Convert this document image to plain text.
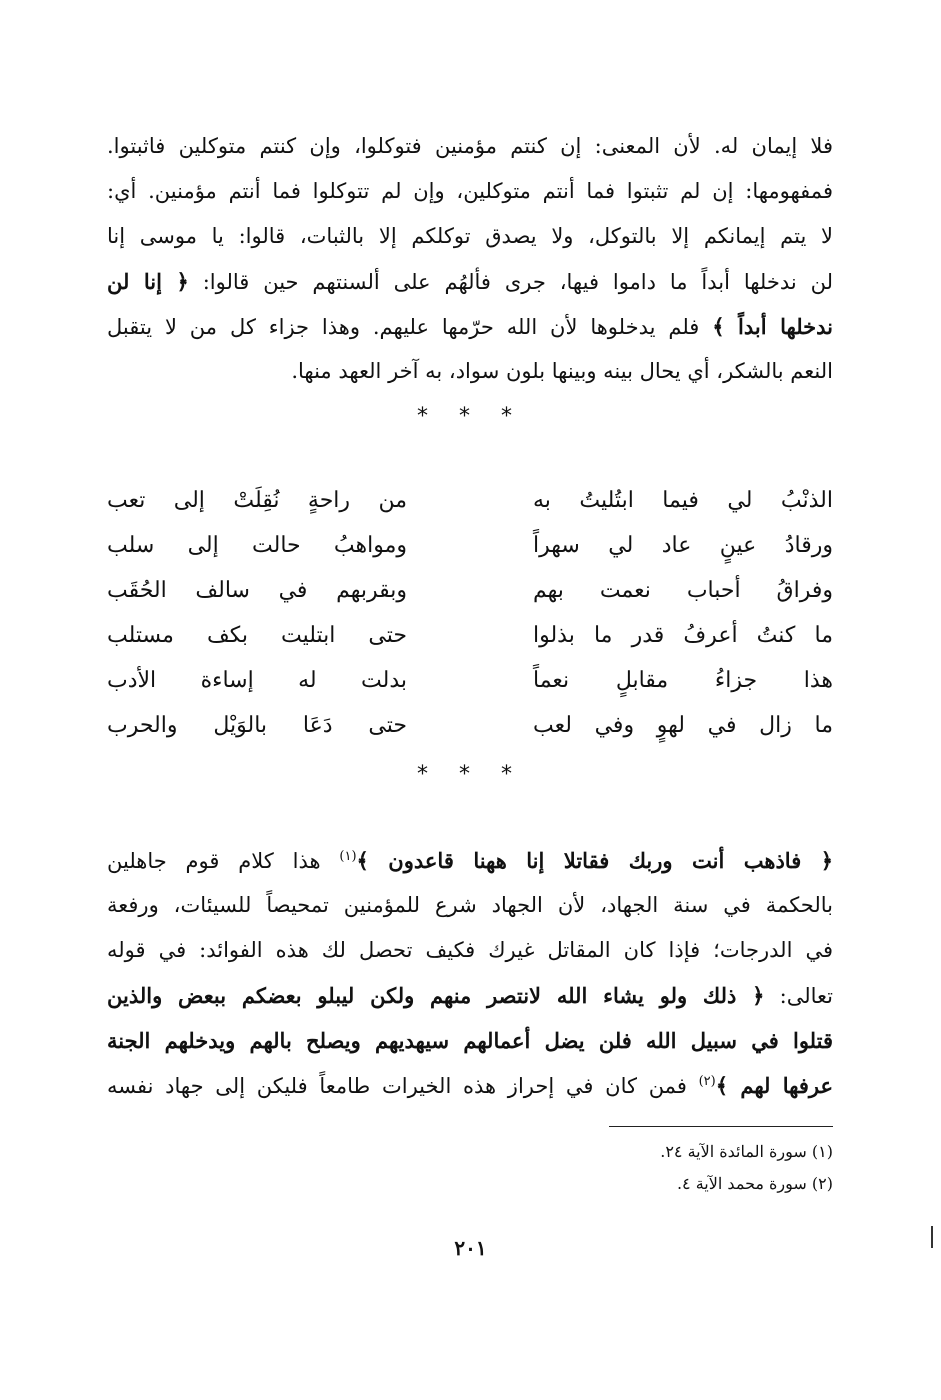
فلا إيمان له. لأن المعنى: إن كنتم مؤمنين فتوكلوا، وإن كنتم متوكلين فاثبتوا.
فمفهومها: إن لم تثبتوا فما أنتم متوكلين، وإن لم تتوكلوا فما أنتم مؤمنين. أي:
لا يتم إيمانكم إلا بالتوكل، ولا يصدق توكلكم إلا بالثبات، قالوا: يا موسى إنا
لن ندخلها أبداً ما داموا فيها، جرى فألهُم على ألسنتهم حين قالوا: ﴿ إنا لن
ندخلها أبداً ﴾ فلم يدخلوها لأن الله حرّمها عليهم. وهذا جزاء كل من لا يتقبل
النعم بالشكر، أي يحال بينه وبينها بلون سواد، به آخر العهد منها.
* * *
الذنْبُ لي فيما ابتُليتُ به
من راحةٍ نُقِلَتْ إلى تعب
ورقادُ عينٍ عاد لي سهراً
ومواهبُ حالت إلى سلب
وفراقُ أحباب نعمت بهم
وبقربهم في سالف الحُقَب
ما كنتُ أعرفُ قدر ما بذلوا
حتى ابتليت بكف مستلب
هذا جزاءُ مقابلٍ نعماً
بدلت له إساءة الأدب
ما زال في لهوٍ وفي لعب
حتى دَعَا بالوَيْل والحرب
* * *
﴿ فاذهب أنت وربك فقاتلا إنا ههنا قاعدون ﴾$^{(١)}$ هذا كلام قوم جاهلين
بالحكمة في سنة الجهاد، لأن الجهاد شرع للمؤمنين تمحيصاً للسيئات، ورفعة
في الدرجات؛ فإذا كان المقاتل غيرك فكيف تحصل لك هذه الفوائد: في قوله
تعالى: ﴿ ذلك ولو يشاء الله لانتصر منهم ولكن ليبلو بعضكم ببعض والذين
قتلوا في سبيل الله فلن يضل أعمالهم سيهديهم ويصلح بالهم ويدخلهم الجنة
عرفها لهم ﴾$^{(٢)}$ فمن كان في إحراز هذه الخيرات طامعاً فليكن إلى جهاد نفسه
(١) سورة المائدة الآية ٢٤.
(٢) سورة محمد الآية ٤.
٢٠١
